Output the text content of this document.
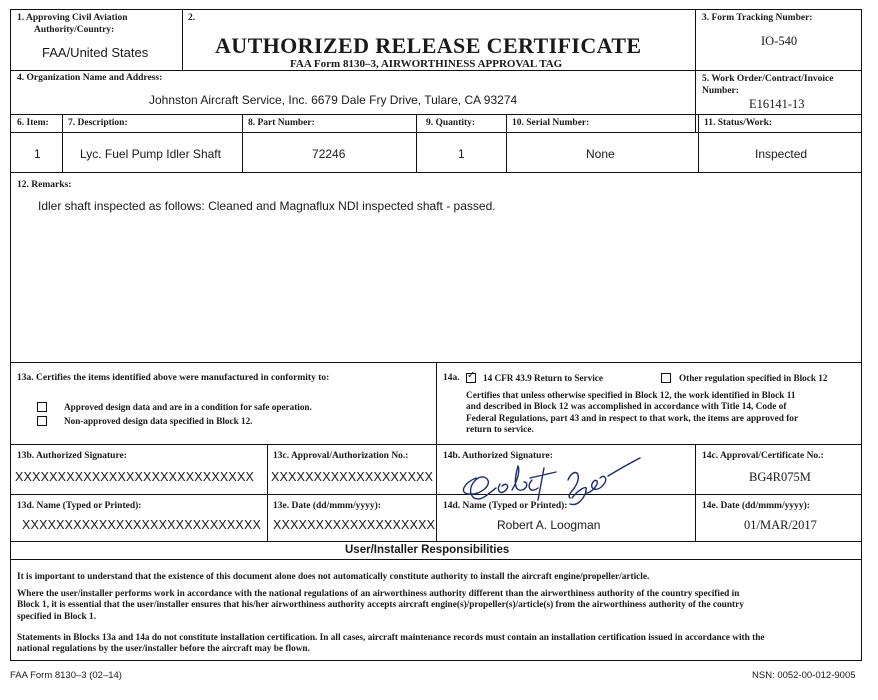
1. Approving Civil Aviation
Authority/Country:
FAA/United States
2.
AUTHORIZED RELEASE CERTIFICATE
FAA Form 8130–3, AIRWORTHINESS APPROVAL TAG
3. Form Tracking Number:
IO-540
4. Organization Name and Address:
Johnston Aircraft Service, Inc. 6679 Dale Fry Drive, Tulare, CA 93274
5. Work Order/Contract/Invoice
Number:
E16141-13
6. Item: 7. Description:	8. Part Number:	9. Quantity:	10. Serial Number:	11. Status/Work:
1	Lyc. Fuel Pump Idler Shaft	72246	1	None	Inspected
12. Remarks:
Idler shaft inspected as follows: Cleaned and Magnaflux NDI inspected shaft - passed.
13a. Certifies the items identified above were manufactured in conformity to:
Approved design data and are in a condition for safe operation.
Non-approved design data specified in Block 12.
14a.
✓	14 CFR 43.9 Return to Service	Other regulation specified in Block 12
Certifies that unless otherwise specified in Block 12, the work identified in Block 11
and described in Block 12 was accomplished in accordance with Title 14, Code of
Federal Regulations, part 43 and in respect to that work, the items are approved for
return to service.
13b. Authorized Signature:
XXXXXXXXXXXXXXXXXXXXXXXXXXXX
13c. Approval/Authorization No.:
XXXXXXXXXXXXXXXXXXX
14b. Authorized Signature:	14c. Approval/Certificate No.:
BG4R075M
13d. Name (Typed or Printed):
XXXXXXXXXXXXXXXXXXXXXXXXXXXX
13e. Date (dd/mmm/yyyy):
XXXXXXXXXXXXXXXXXXX
14d. Name (Typed or Printed):
Robert A. Loogman
14e. Date (dd/mmm/yyyy):
01/MAR/2017
User/Installer Responsibilities
It is important to understand that the existence of this document alone does not automatically constitute authority to install the aircraft engine/propeller/article.
Where the user/installer performs work in accordance with the national regulations of an airworthiness authority different than the airworthiness authority of the country specified in
Block 1, it is essential that the user/installer ensures that his/her airworthiness authority accepts aircraft engine(s)/propeller(s)/article(s) from the airworthiness authority of the country
specified in Block 1.
Statements in Blocks 13a and 14a do not constitute installation certification. In all cases, aircraft maintenance records must contain an installation certification issued in accordance with the
national regulations by the user/installer before the aircraft may be flown.
FAA Form 8130–3 (02–14)	NSN: 0052-00-012-9005
